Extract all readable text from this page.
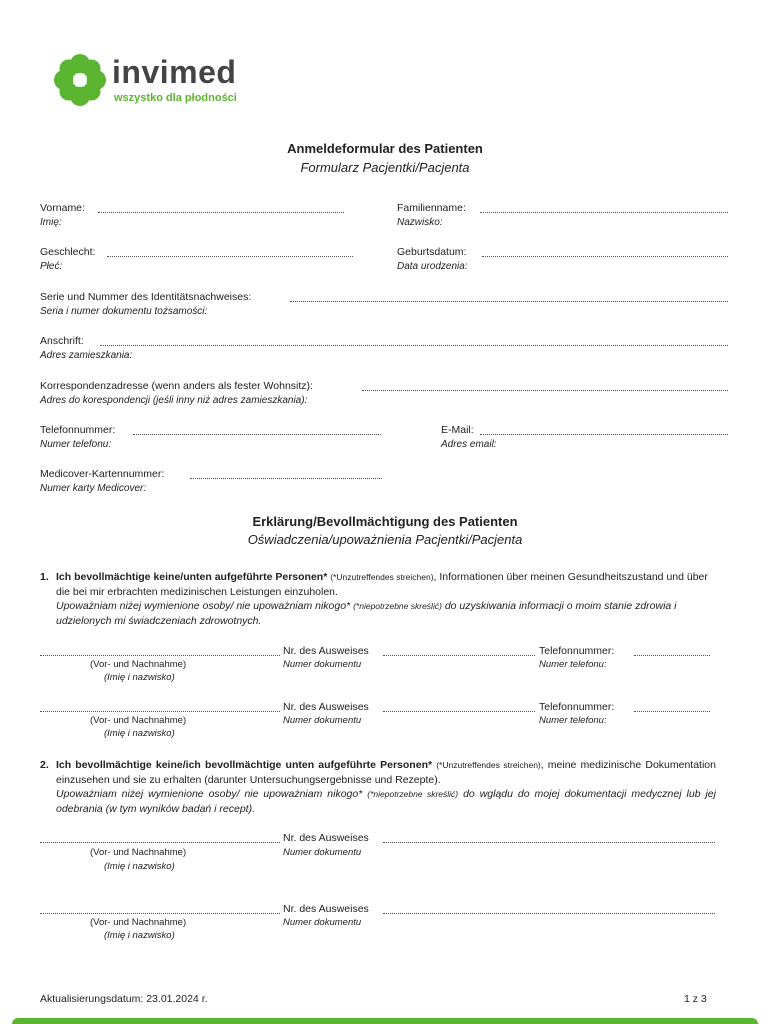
invimed
wszystko dla płodności
Anmeldeformular des Patienten
Formularz Pacjentki/Pacjenta
Vorname:
Imię:
Familienname:
Nazwisko:
Geschlecht:
Płeć:
Geburtsdatum:
Data urodzenia:
Serie und Nummer des Identitätsnachweises:
Seria i numer dokumentu tożsamości:
Anschrift:
Adres zamieszkania:
Korrespondenzadresse (wenn anders als fester Wohnsitz):
Adres do korespondencji (jeśli inny niż adres zamieszkania):
Telefonnummer:
Numer telefonu:
E-Mail:
Adres email:
Medicover-Kartennummer:
Numer karty Medicover:
Erklärung/Bevollmächtigung des Patienten
Oświadczenia/upoważnienia Pacjentki/Pacjenta
1. Ich bevollmächtige keine/unten aufgeführte Personen* (*Unzutreffendes streichen), Informationen über meinen Gesundheitszustand und über die bei mir erbrachten medizinischen Leistungen einzuholen.
Upoważniam niżej wymienione osoby/ nie upoważniam nikogo* (*niepotrzebne skreślić) do uzyskiwania informacji o moim stanie zdrowia i udzielonych mi świadczeniach zdrowotnych.
Nr. des Ausweises	Telefonnummer:
(Vor- und Nachnahme)	Numer dokumentu	Numer telefonu:
(Imię i nazwisko)
Nr. des Ausweises	Telefonnummer:
(Vor- und Nachnahme)	Numer dokumentu	Numer telefonu:
(Imię i nazwisko)
2. Ich bevollmächtige keine/ich bevollmächtige unten aufgeführte Personen* (*Unzutreffendes streichen), meine medizinische Dokumentation einzusehen und sie zu erhalten (darunter Untersuchungsergebnisse und Rezepte).
Upoważniam niżej wymienione osoby/ nie upoważniam nikogo* (*niepotrzebne skreślić) do wglądu do mojej dokumentacji medycznej lub jej odebrania (w tym wyników badań i recept).
Nr. des Ausweises
(Vor- und Nachnahme)	Numer dokumentu
(Imię i nazwisko)
Nr. des Ausweises
(Vor- und Nachnahme)	Numer dokumentu
(Imię i nazwisko)
Aktualisierungsdatum: 23.01.2024 r.	1 z 3
